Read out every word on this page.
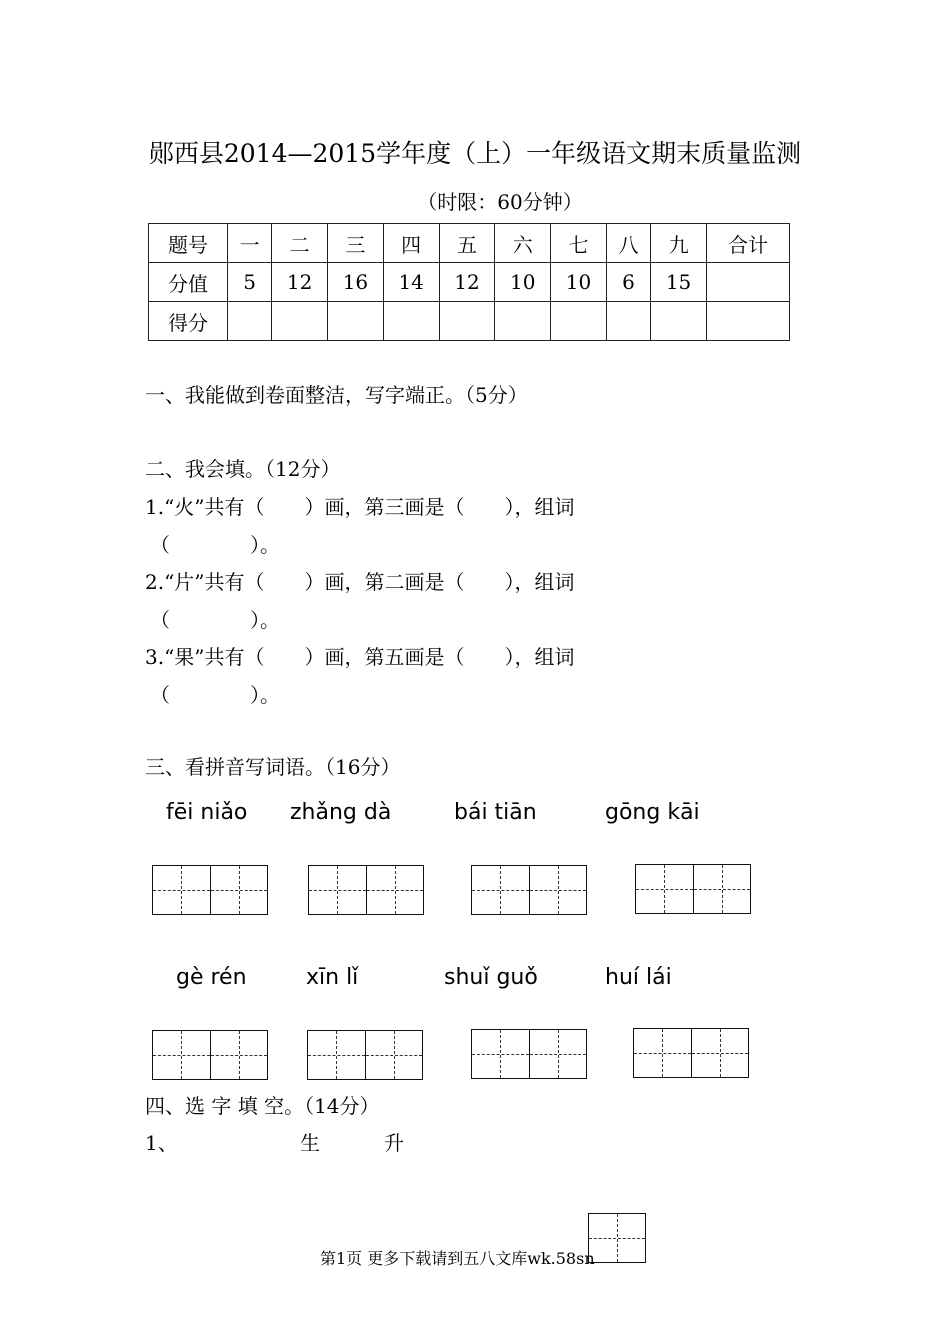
郧西县2014—2015学年度（上）一年级语文期末质量监测
（时限：60分钟）
题号	一	二	三	四	五	六	七	八	九	合计
分值	5	12	16	14	12	10	10	6	15	
得分										
一、我能做到卷面整洁，写字端正。（5分）
二、我会填。（12分）
1.“火”共有（　　）画，第三画是（　　），组词
（　　　　）。
2.“片”共有（　　）画，第二画是（　　），组词
（　　　　）。
3.“果”共有（　　）画，第五画是（　　），组词
（　　　　）。
三、看拼音写词语。（16分）
fēi niǎo zhǎng dà	bái tiān	gōng kāi
gè rén	xīn lǐ	shuǐ guǒ	huí lái
四、选 字 填 空。（14分）
1、	生	升
第1页 更多下载请到五八文库wk.58sn
